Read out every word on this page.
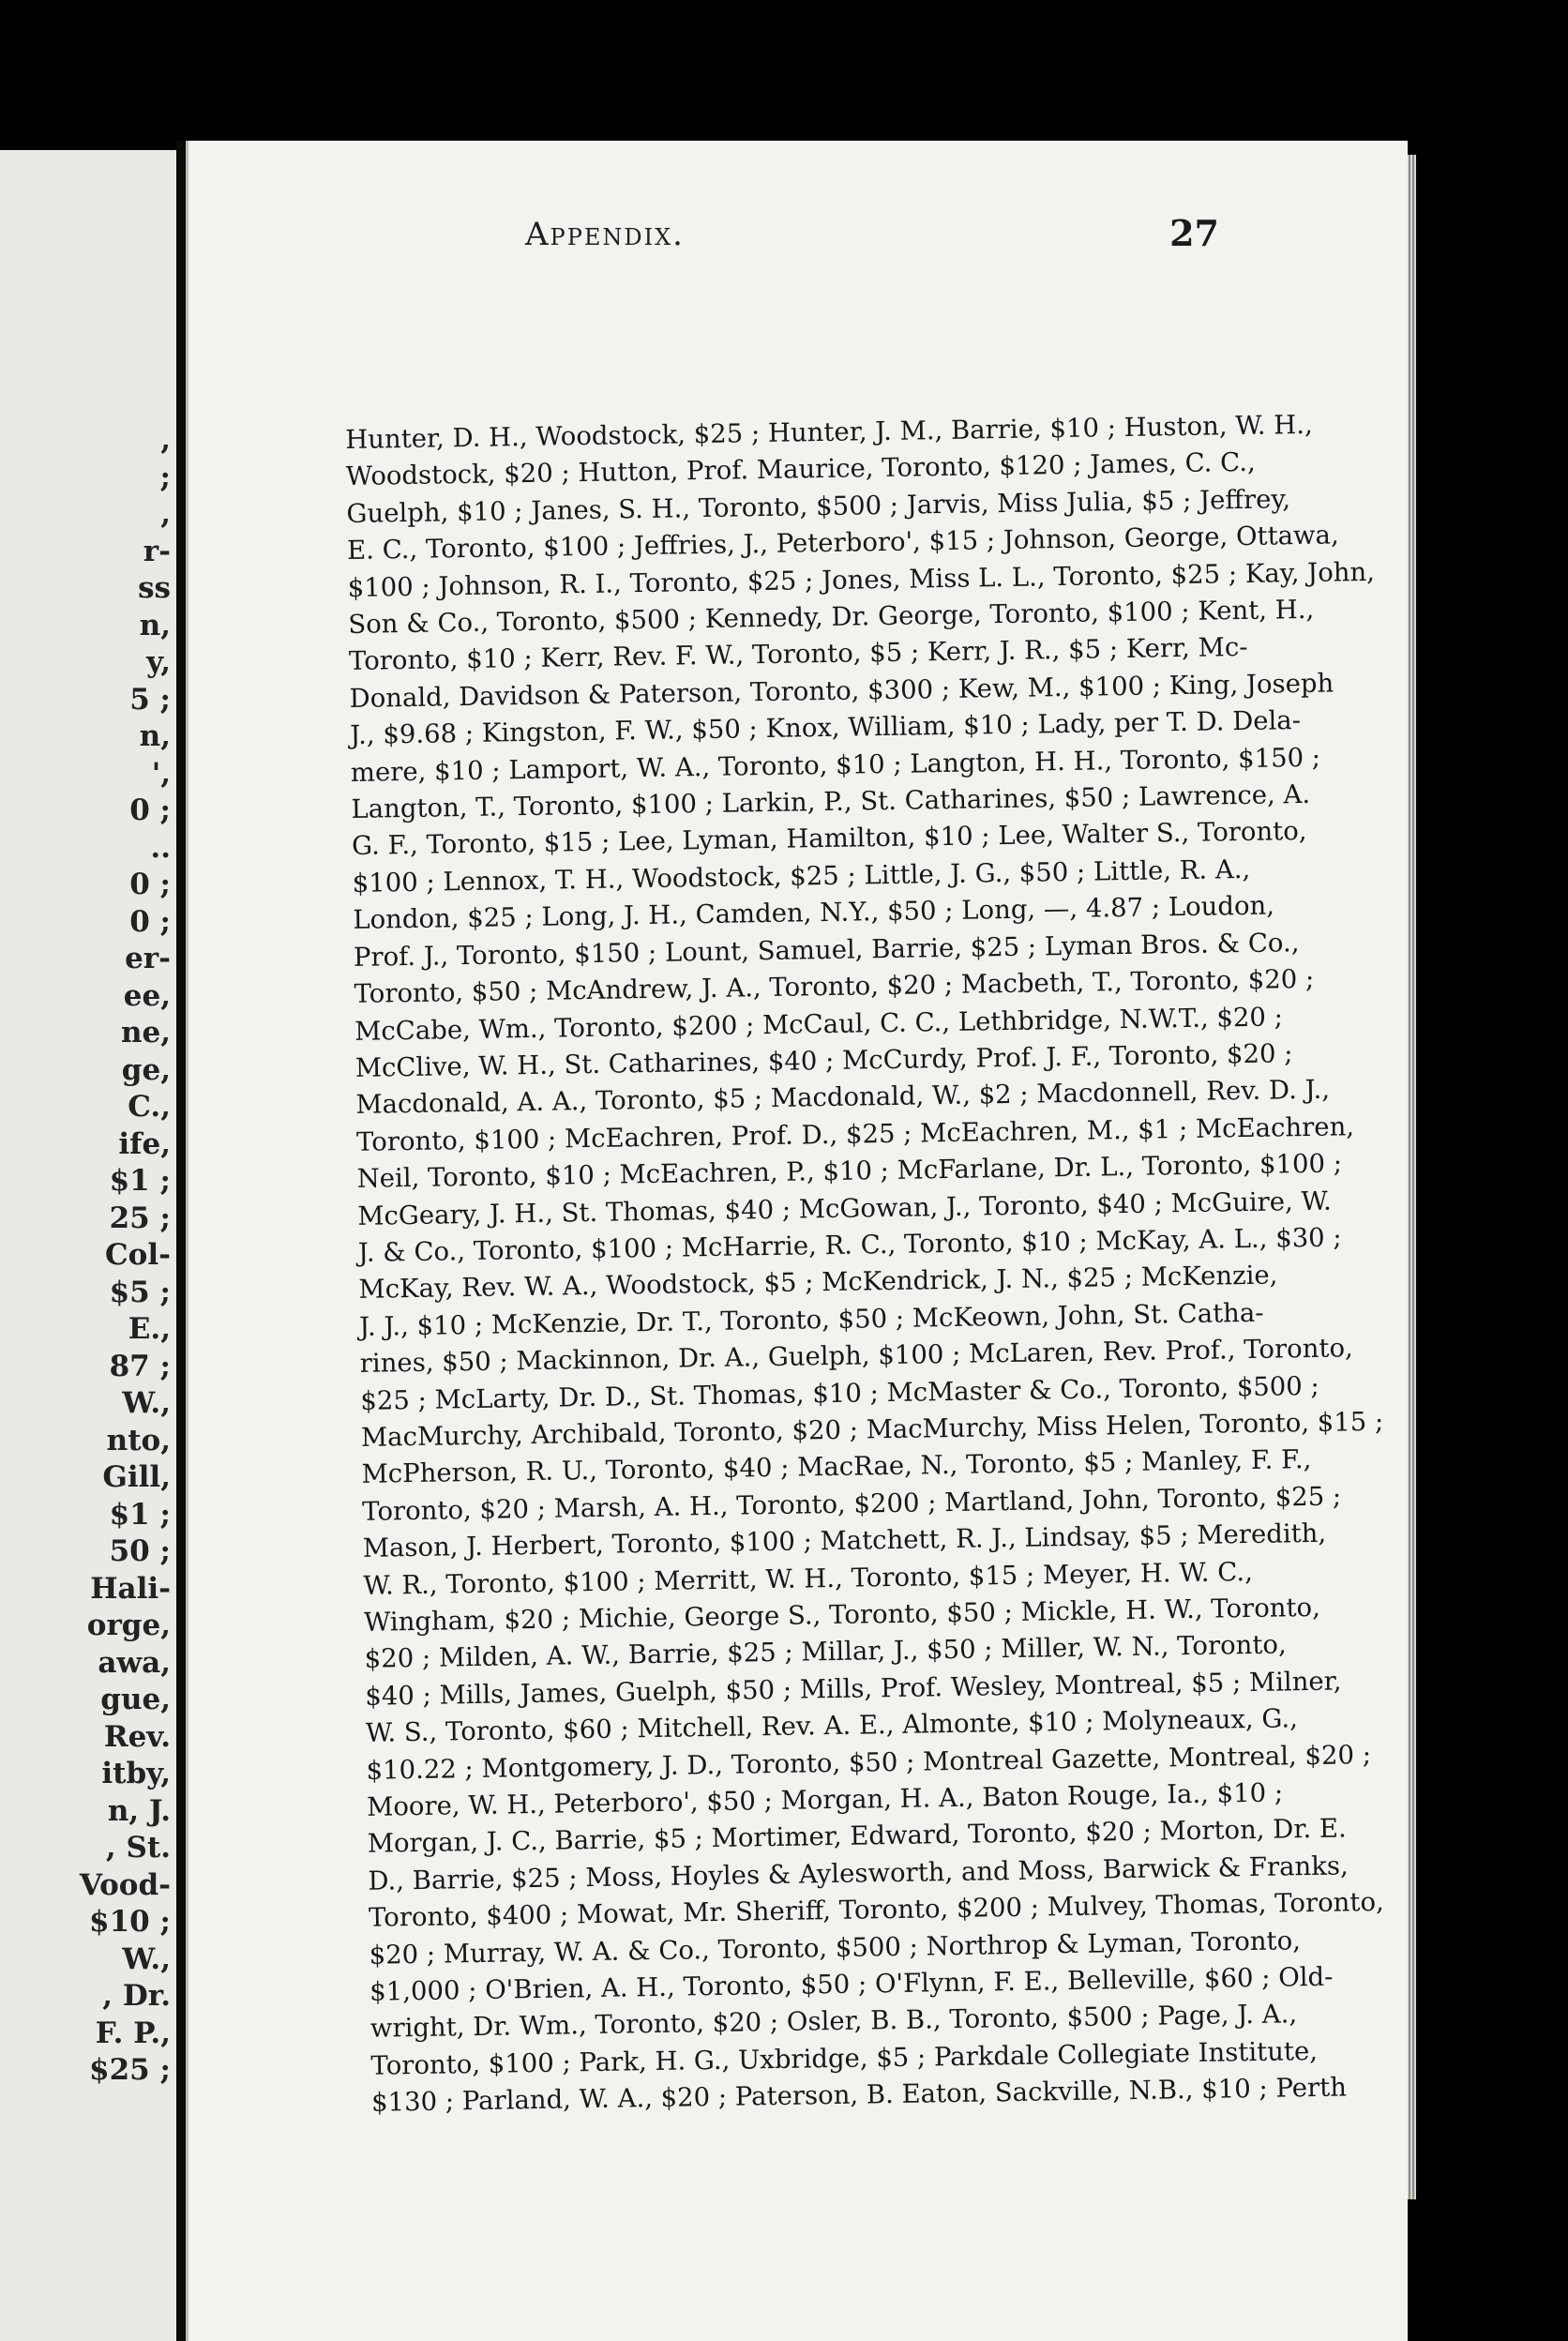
,
;
,
r-
ss
n,
y,
5 ;
n,
',
0 ;
..
0 ;
0 ;
er-
ee,
ne,
ge,
C.,
ife,
$1 ;
25 ;
Col-
$5 ;
E.,
87 ;
W.,
nto,
Gill,
$1 ;
50 ;
Hali-
orge,
awa,
gue,
Rev.
itby,
n, J.
, St.
Vood-
$10 ;
W.,
, Dr.
F. P.,
$25 ;
Appendix.	27
Hunter, D. H., Woodstock, $25 ; Hunter, J. M., Barrie, $10 ; Huston, W. H.,
Woodstock, $20 ; Hutton, Prof. Maurice, Toronto, $120 ; James, C. C.,
Guelph, $10 ; Janes, S. H., Toronto, $500 ; Jarvis, Miss Julia, $5 ; Jeffrey,
E. C., Toronto, $100 ; Jeffries, J., Peterboro', $15 ; Johnson, George, Ottawa,
$100 ; Johnson, R. I., Toronto, $25 ; Jones, Miss L. L., Toronto, $25 ; Kay, John,
Son & Co., Toronto, $500 ; Kennedy, Dr. George, Toronto, $100 ; Kent, H.,
Toronto, $10 ; Kerr, Rev. F. W., Toronto, $5 ; Kerr, J. R., $5 ; Kerr, Mc-
Donald, Davidson & Paterson, Toronto, $300 ; Kew, M., $100 ; King, Joseph
J., $9.68 ; Kingston, F. W., $50 ; Knox, William, $10 ; Lady, per T. D. Dela-
mere, $10 ; Lamport, W. A., Toronto, $10 ; Langton, H. H., Toronto, $150 ;
Langton, T., Toronto, $100 ; Larkin, P., St. Catharines, $50 ; Lawrence, A.
G. F., Toronto, $15 ; Lee, Lyman, Hamilton, $10 ; Lee, Walter S., Toronto,
$100 ; Lennox, T. H., Woodstock, $25 ; Little, J. G., $50 ; Little, R. A.,
London, $25 ; Long, J. H., Camden, N.Y., $50 ; Long, —, 4.87 ; Loudon,
Prof. J., Toronto, $150 ; Lount, Samuel, Barrie, $25 ; Lyman Bros. & Co.,
Toronto, $50 ; McAndrew, J. A., Toronto, $20 ; Macbeth, T., Toronto, $20 ;
McCabe, Wm., Toronto, $200 ; McCaul, C. C., Lethbridge, N.W.T., $20 ;
McClive, W. H., St. Catharines, $40 ; McCurdy, Prof. J. F., Toronto, $20 ;
Macdonald, A. A., Toronto, $5 ; Macdonald, W., $2 ; Macdonnell, Rev. D. J.,
Toronto, $100 ; McEachren, Prof. D., $25 ; McEachren, M., $1 ; McEachren,
Neil, Toronto, $10 ; McEachren, P., $10 ; McFarlane, Dr. L., Toronto, $100 ;
McGeary, J. H., St. Thomas, $40 ; McGowan, J., Toronto, $40 ; McGuire, W.
J. & Co., Toronto, $100 ; McHarrie, R. C., Toronto, $10 ; McKay, A. L., $30 ;
McKay, Rev. W. A., Woodstock, $5 ; McKendrick, J. N., $25 ; McKenzie,
J. J., $10 ; McKenzie, Dr. T., Toronto, $50 ; McKeown, John, St. Catha-
rines, $50 ; Mackinnon, Dr. A., Guelph, $100 ; McLaren, Rev. Prof., Toronto,
$25 ; McLarty, Dr. D., St. Thomas, $10 ; McMaster & Co., Toronto, $500 ;
MacMurchy, Archibald, Toronto, $20 ; MacMurchy, Miss Helen, Toronto, $15 ;
McPherson, R. U., Toronto, $40 ; MacRae, N., Toronto, $5 ; Manley, F. F.,
Toronto, $20 ; Marsh, A. H., Toronto, $200 ; Martland, John, Toronto, $25 ;
Mason, J. Herbert, Toronto, $100 ; Matchett, R. J., Lindsay, $5 ; Meredith,
W. R., Toronto, $100 ; Merritt, W. H., Toronto, $15 ; Meyer, H. W. C.,
Wingham, $20 ; Michie, George S., Toronto, $50 ; Mickle, H. W., Toronto,
$20 ; Milden, A. W., Barrie, $25 ; Millar, J., $50 ; Miller, W. N., Toronto,
$40 ; Mills, James, Guelph, $50 ; Mills, Prof. Wesley, Montreal, $5 ; Milner,
W. S., Toronto, $60 ; Mitchell, Rev. A. E., Almonte, $10 ; Molyneaux, G.,
$10.22 ; Montgomery, J. D., Toronto, $50 ; Montreal Gazette, Montreal, $20 ;
Moore, W. H., Peterboro', $50 ; Morgan, H. A., Baton Rouge, Ia., $10 ;
Morgan, J. C., Barrie, $5 ; Mortimer, Edward, Toronto, $20 ; Morton, Dr. E.
D., Barrie, $25 ; Moss, Hoyles & Aylesworth, and Moss, Barwick & Franks,
Toronto, $400 ; Mowat, Mr. Sheriff, Toronto, $200 ; Mulvey, Thomas, Toronto,
$20 ; Murray, W. A. & Co., Toronto, $500 ; Northrop & Lyman, Toronto,
$1,000 ; O'Brien, A. H., Toronto, $50 ; O'Flynn, F. E., Belleville, $60 ; Old-
wright, Dr. Wm., Toronto, $20 ; Osler, B. B., Toronto, $500 ; Page, J. A.,
Toronto, $100 ; Park, H. G., Uxbridge, $5 ; Parkdale Collegiate Institute,
$130 ; Parland, W. A., $20 ; Paterson, B. Eaton, Sackville, N.B., $10 ; Perth
